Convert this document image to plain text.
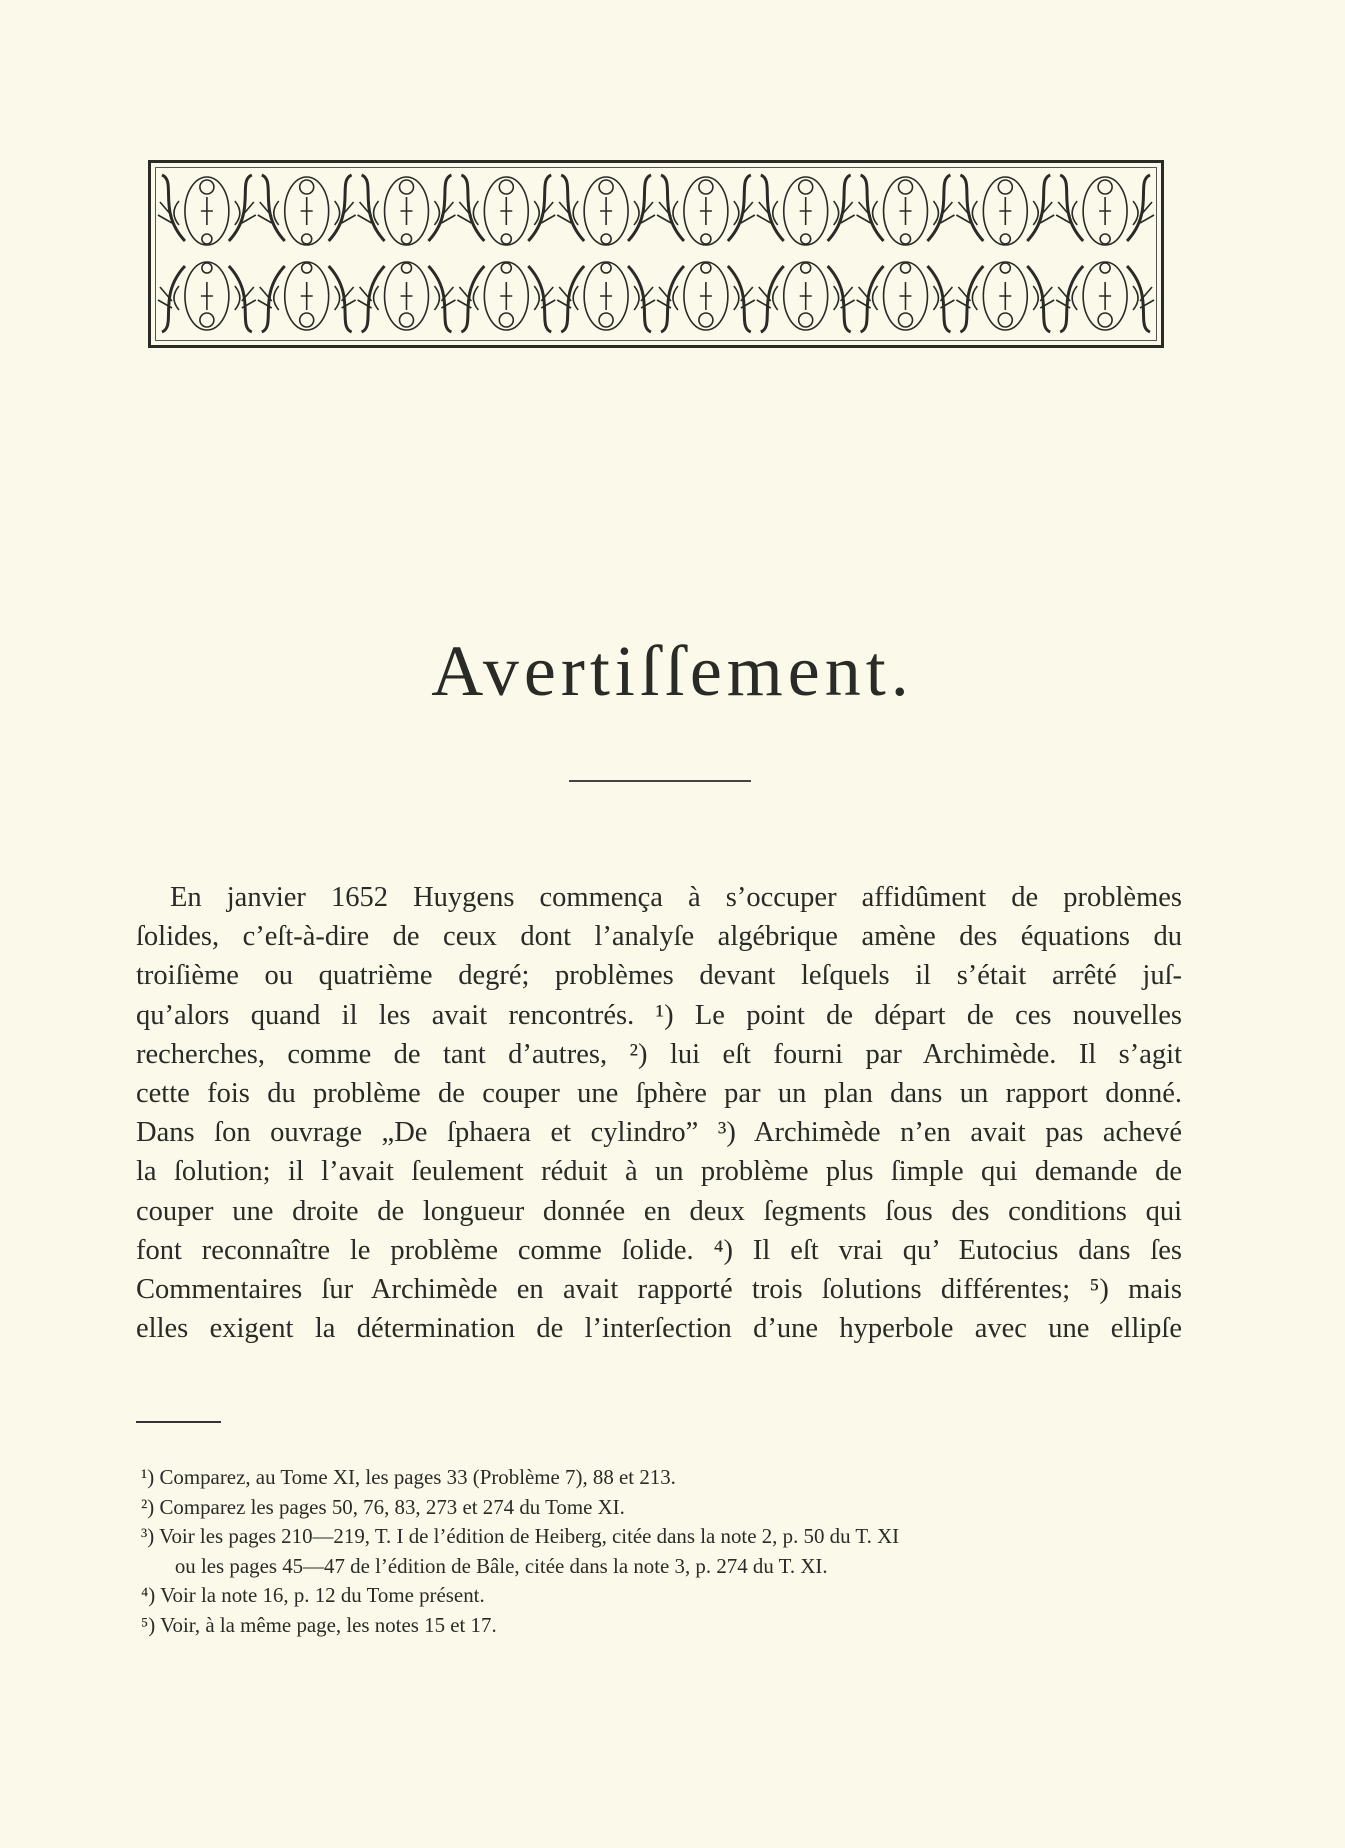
Avertiſſement.
En janvier 1652 Huygens commença à s’occuper affidûment de problèmes
ſolides, c’eſt-à-dire de ceux dont l’analyſe algébrique amène des équations du
troiſième ou quatrième degré; problèmes devant leſquels il s’était arrêté juſ-
qu’alors quand il les avait rencontrés. ¹) Le point de départ de ces nouvelles
recherches, comme de tant d’autres, ²) lui eſt fourni par Archimède. Il s’agit
cette fois du problème de couper une ſphère par un plan dans un rapport donné.
Dans ſon ouvrage „De ſphaera et cylindro” ³) Archimède n’en avait pas achevé
la ſolution; il l’avait ſeulement réduit à un problème plus ſimple qui demande de
couper une droite de longueur donnée en deux ſegments ſous des conditions qui
font reconnaître le problème comme ſolide. ⁴) Il eſt vrai qu’ Eutocius dans ſes
Commentaires ſur Archimède en avait rapporté trois ſolutions différentes; ⁵) mais
elles exigent la détermination de l’interſection d’une hyperbole avec une ellipſe
¹) Comparez, au Tome XI, les pages 33 (Problème 7), 88 et 213.
²) Comparez les pages 50, 76, 83, 273 et 274 du Tome XI.
³) Voir les pages 210—219, T. I de l’édition de Heiberg, citée dans la note 2, p. 50 du T. XI
ou les pages 45—47 de l’édition de Bâle, citée dans la note 3, p. 274 du T. XI.
⁴) Voir la note 16, p. 12 du Tome présent.
⁵) Voir, à la même page, les notes 15 et 17.
